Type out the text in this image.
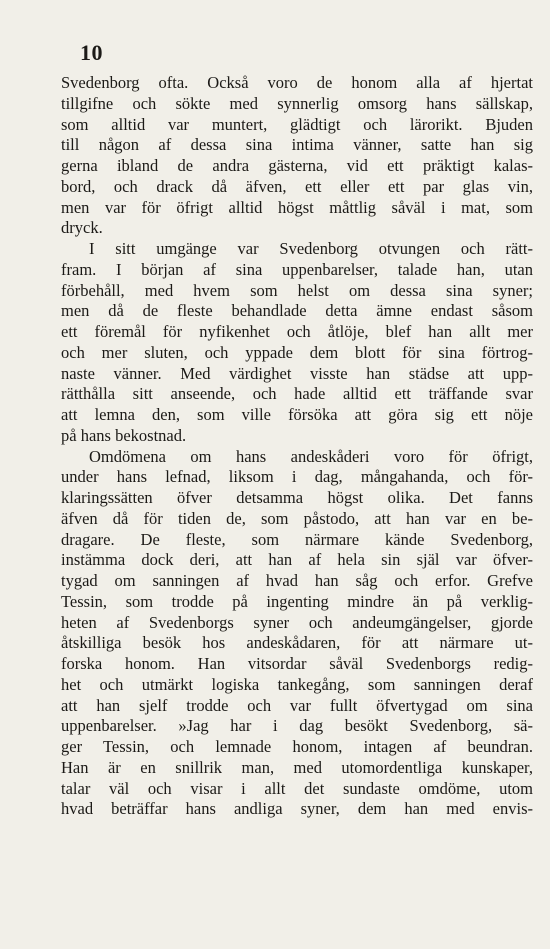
10
Svedenborg ofta. Också voro de honom alla af hjertat
tillgifne och sökte med synnerlig omsorg hans sällskap,
som alltid var muntert, glädtigt och lärorikt. Bjuden
till någon af dessa sina intima vänner, satte han sig
gerna ibland de andra gästerna, vid ett präktigt kalas-
bord, och drack då äfven, ett eller ett par glas vin,
men var för öfrigt alltid högst måttlig såväl i mat, som
dryck.
I sitt umgänge var Svedenborg otvungen och rätt-
fram. I början af sina uppenbarelser, talade han, utan
förbehåll, med hvem som helst om dessa sina syner;
men då de fleste behandlade detta ämne endast såsom
ett föremål för nyfikenhet och åtlöje, blef han allt mer
och mer sluten, och yppade dem blott för sina förtrog-
naste vänner. Med värdighet visste han städse att upp-
rätthålla sitt anseende, och hade alltid ett träffande svar
att lemna den, som ville försöka att göra sig ett nöje
på hans bekostnad.
Omdömena om hans andeskåderi voro för öfrigt,
under hans lefnad, liksom i dag, mångahanda, och för-
klaringssätten öfver detsamma högst olika. Det fanns
äfven då för tiden de, som påstodo, att han var en be-
dragare. De fleste, som närmare kände Svedenborg,
instämma dock deri, att han af hela sin själ var öfver-
tygad om sanningen af hvad han såg och erfor. Grefve
Tessin, som trodde på ingenting mindre än på verklig-
heten af Svedenborgs syner och andeumgängelser, gjorde
åtskilliga besök hos andeskådaren, för att närmare ut-
forska honom. Han vitsordar såväl Svedenborgs redig-
het och utmärkt logiska tankegång, som sanningen deraf
att han sjelf trodde och var fullt öfvertygad om sina
uppenbarelser. »Jag har i dag besökt Svedenborg, sä-
ger Tessin, och lemnade honom, intagen af beundran.
Han är en snillrik man, med utomordentliga kunskaper,
talar väl och visar i allt det sundaste omdöme, utom
hvad beträffar hans andliga syner, dem han med envis-
